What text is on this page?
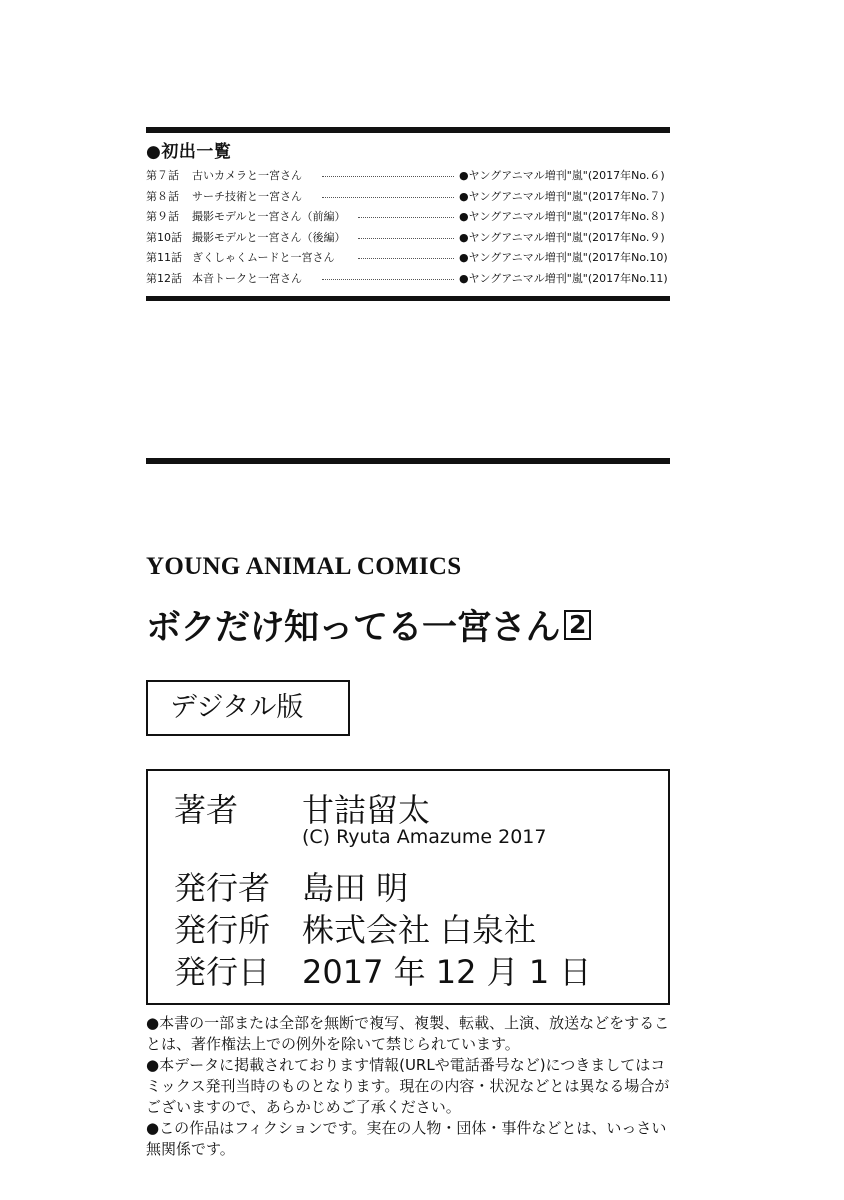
●初出一覧
第７話	古いカメラと一宮さん	●ヤングアニマル増刊"嵐"(2017年No.６)
第８話	サーチ技術と一宮さん	●ヤングアニマル増刊"嵐"(2017年No.７)
第９話	撮影モデルと一宮さん（前編）	●ヤングアニマル増刊"嵐"(2017年No.８)
第10話 撮影モデルと一宮さん（後編）	●ヤングアニマル増刊"嵐"(2017年No.９)
第11話 ぎくしゃくムードと一宮さん	●ヤングアニマル増刊"嵐"(2017年No.10)
第12話 本音トークと一宮さん	●ヤングアニマル増刊"嵐"(2017年No.11)
YOUNG ANIMAL COMICS
ボクだけ知ってる一宮さん 2
デジタル版
著者 甘詰留太
(C) Ryuta Amazume 2017
発行者 島田 明
発行所 株式会社 白泉社
発行日 2017 年 12 月 1 日

●本書の一部または全部を無断で複写、複製、転載、上演、放送などをすることは、著作権法上での例外を除いて禁じられています。

●本データに掲載されております情報(URLや電話番号など)につきましてはコミックス発刊当時のものとなります。現在の内容・状況などとは異なる場合がございますので、あらかじめご了承ください。

●この作品はフィクションです。実在の人物・団体・事件などとは、いっさい無関係です。
